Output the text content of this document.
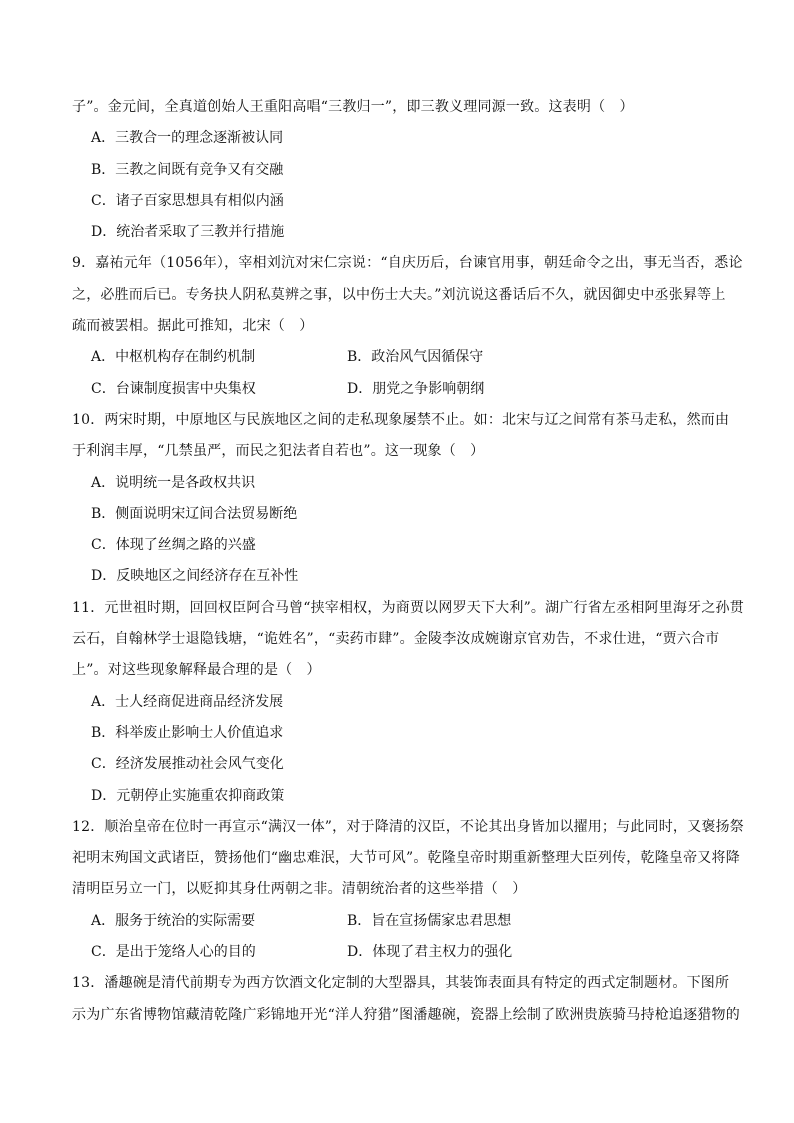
子”。金元间，全真道创始人王重阳高唱“三教归一”，即三教义理同源一致。这表明（　）
A．三教合一的理念逐渐被认同
B．三教之间既有竞争又有交融
C．诸子百家思想具有相似内涵
D．统治者采取了三教并行措施
9．嘉祐元年（1056年），宰相刘沆对宋仁宗说：“自庆历后，台谏官用事，朝廷命令之出，事无当否，悉论
之，必胜而后已。专务抉人阴私莫辨之事，以中伤士大夫。”刘沆说这番话后不久，就因御史中丞张昪等上
疏而被罢相。据此可推知，北宋（　）
A．中枢机构存在制约机制	B．政治风气因循保守
C．台谏制度损害中央集权	D．朋党之争影响朝纲
10．两宋时期，中原地区与民族地区之间的走私现象屡禁不止。如：北宋与辽之间常有茶马走私，然而由
于利润丰厚，“几禁虽严，而民之犯法者自若也”。这一现象（　）
A．说明统一是各政权共识
B．侧面说明宋辽间合法贸易断绝
C．体现了丝绸之路的兴盛
D．反映地区之间经济存在互补性
11．元世祖时期，回回权臣阿合马曾“挟宰相权，为商贾以网罗天下大利”。湖广行省左丞相阿里海牙之孙贯
云石，自翰林学士退隐钱塘，“诡姓名”，“卖药市肆”。金陵李汝成婉谢京官劝告，不求仕进，“贾六合市
上”。对这些现象解释最合理的是（　）
A．士人经商促进商品经济发展
B．科举废止影响士人价值追求
C．经济发展推动社会风气变化
D．元朝停止实施重农抑商政策
12．顺治皇帝在位时一再宣示“满汉一体”，对于降清的汉臣，不论其出身皆加以擢用；与此同时，又褒扬祭
祀明末殉国文武诸臣，赞扬他们“幽忠难泯，大节可风”。乾隆皇帝时期重新整理大臣列传，乾隆皇帝又将降
清明臣另立一门，以贬抑其身仕两朝之非。清朝统治者的这些举措（　）
A．服务于统治的实际需要	B．旨在宣扬儒家忠君思想
C．是出于笼络人心的目的	D．体现了君主权力的强化
13．潘趣碗是清代前期专为西方饮酒文化定制的大型器具，其装饰表面具有特定的西式定制题材。下图所
示为广东省博物馆藏清乾隆广彩锦地开光“洋人狩猎”图潘趣碗，瓷器上绘制了欧洲贵族骑马持枪追逐猎物的
